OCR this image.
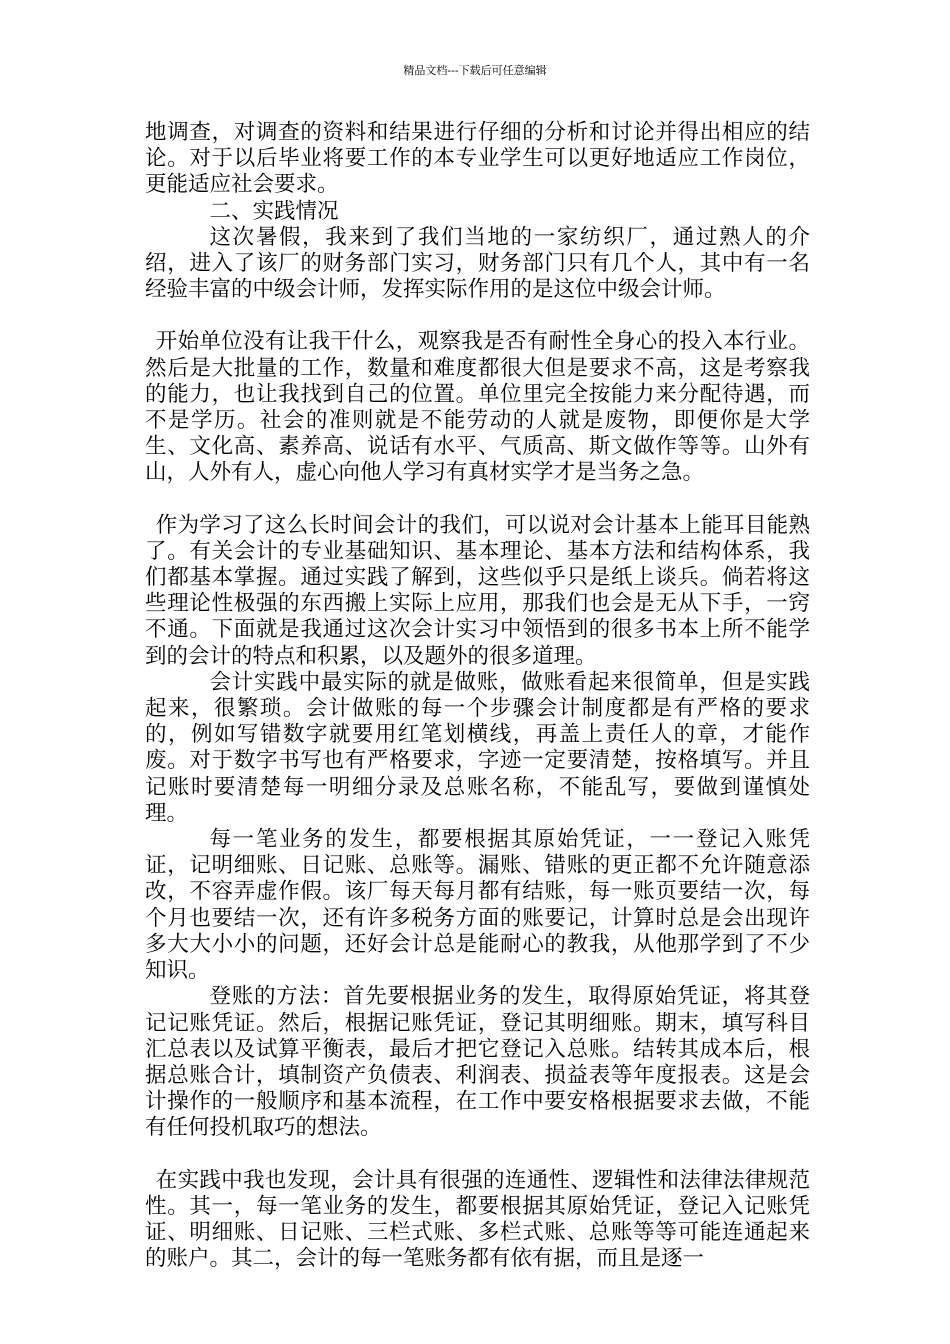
精品文档---下载后可任意编辑

地调查，对调查的资料和结果进行仔细的分析和讨论并得出相应的结论。对于以后毕业将要工作的本专业学生可以更好地适应工作岗位，更能适应社会要求。

二、实践情况

这次暑假，我来到了我们当地的一家纺织厂，通过熟人的介绍，进入了该厂的财务部门实习，财务部门只有几个人，其中有一名经验丰富的中级会计师，发挥实际作用的是这位中级会计师。

开始单位没有让我干什么，观察我是否有耐性全身心的投入本行业。然后是大批量的工作，数量和难度都很大但是要求不高，这是考察我的能力，也让我找到自己的位置。单位里完全按能力来分配待遇，而不是学历。社会的准则就是不能劳动的人就是废物，即便你是大学生、文化高、素养高、说话有水平、气质高、斯文做作等等。山外有山，人外有人，虚心向他人学习有真材实学才是当务之急。

作为学习了这么长时间会计的我们，可以说对会计基本上能耳目能熟了。有关会计的专业基础知识、基本理论、基本方法和结构体系，我们都基本掌握。通过实践了解到，这些似乎只是纸上谈兵。倘若将这些理论性极强的东西搬上实际上应用，那我们也会是无从下手，一窍不通。下面就是我通过这次会计实习中领悟到的很多书本上所不能学到的会计的特点和积累，以及题外的很多道理。

会计实践中最实际的就是做账，做账看起来很简单，但是实践起来，很繁琐。会计做账的每一个步骤会计制度都是有严格的要求的，例如写错数字就要用红笔划横线，再盖上责任人的章，才能作废。对于数字书写也有严格要求，字迹一定要清楚，按格填写。并且记账时要清楚每一明细分录及总账名称，不能乱写，要做到谨慎处理。

每一笔业务的发生，都要根据其原始凭证，一一登记入账凭证，记明细账、日记账、总账等。漏账、错账的更正都不允许随意添改，不容弄虚作假。该厂每天每月都有结账，每一账页要结一次，每个月也要结一次，还有许多税务方面的账要记，计算时总是会出现许多大大小小的问题，还好会计总是能耐心的教我，从他那学到了不少知识。

登账的方法：首先要根据业务的发生，取得原始凭证，将其登记记账凭证。然后，根据记账凭证，登记其明细账。期末，填写科目汇总表以及试算平衡表，最后才把它登记入总账。结转其成本后，根据总账合计，填制资产负债表、利润表、损益表等年度报表。这是会计操作的一般顺序和基本流程，在工作中要安格根据要求去做，不能有任何投机取巧的想法。

在实践中我也发现，会计具有很强的连通性、逻辑性和法律法律规范性。其一，每一笔业务的发生，都要根据其原始凭证，登记入记账凭证、明细账、日记账、三栏式账、多栏式账、总账等等可能连通起来的账户。其二，会计的每一笔账务都有依有据，而且是逐一
